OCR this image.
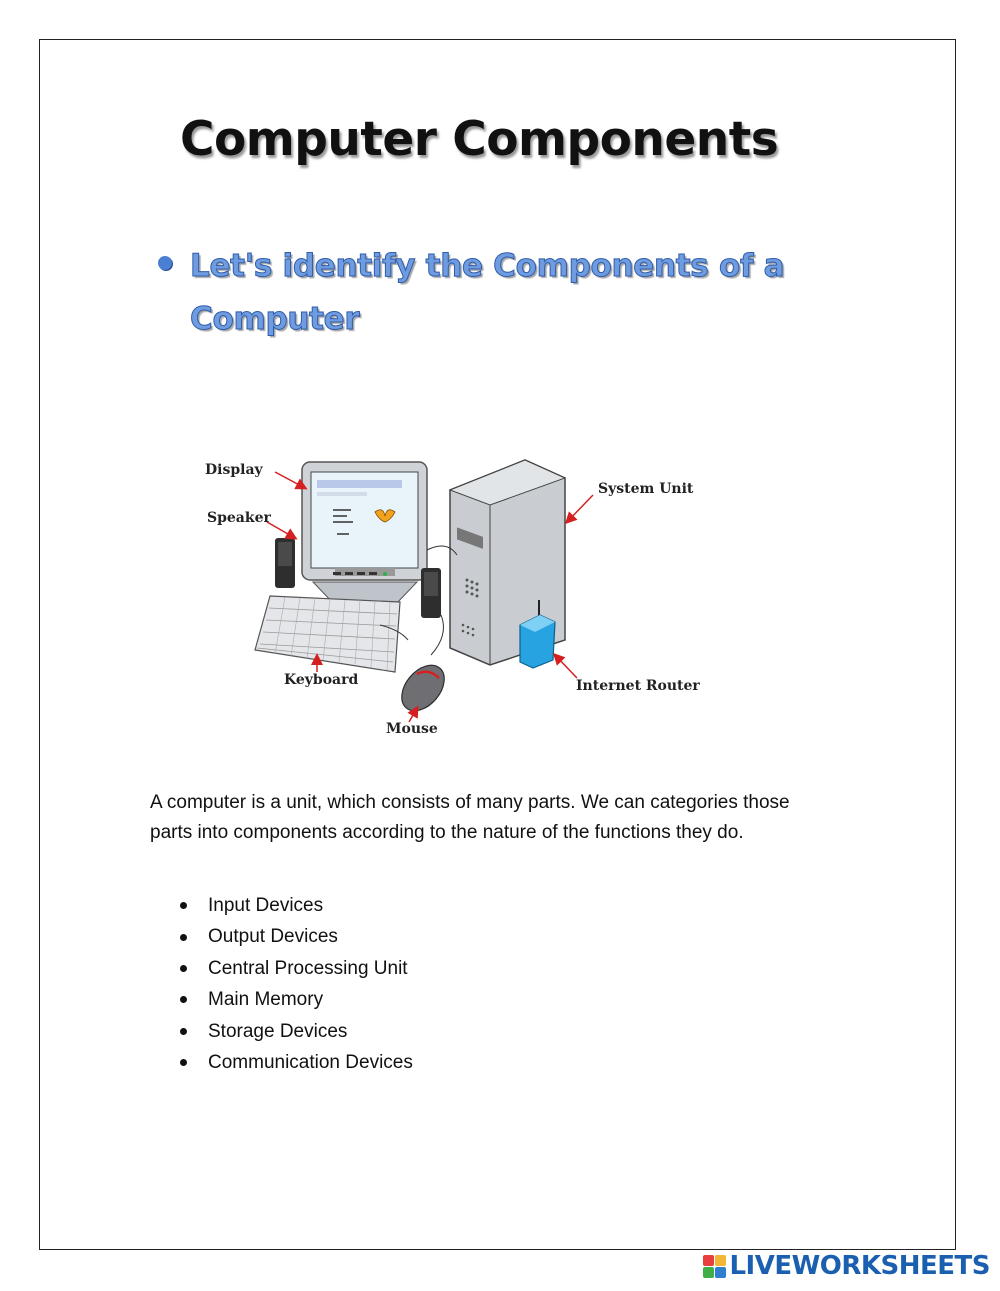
Computer Components
Let's identify the Components of a Computer
Display
Speaker
Keyboard
Mouse
System Unit
Internet Router

A computer is a unit, which consists of many parts. We can categories those parts into components according to the nature of the functions they do.

Input Devices
Output Devices
Central Processing Unit
Main Memory
Storage Devices
Communication Devices
LIVEWORKSHEETS
